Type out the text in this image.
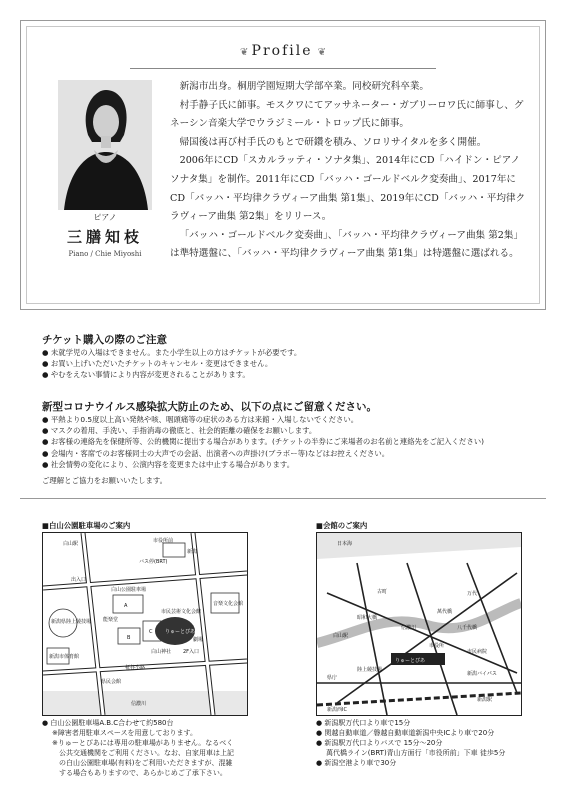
❦ Profile ❦
ピアノ
三膳知枝
Piano / Chie Miyoshi

新潟市出身。桐朋学園短期大学部卒業。同校研究科卒業。

村手静子氏に師事。モスクワにてアッサネーター・ガブリーロワ氏に師事し、グネーシン音楽大学でウラジミール・トロップ氏に師事。

帰国後は再び村手氏のもとで研鑽を積み、ソロリサイタルを多く開催。

2006年にCD「スカルラッティ・ソナタ集」、2014年にCD「ハイドン・ピアノソナタ集」を制作。2011年にCD「バッハ・ゴールドベルク変奏曲」、2017年にCD「バッハ・平均律クラヴィーア曲集 第1集」、2019年にCD「バッハ・平均律クラヴィーア曲集 第2集」をリリース。

「バッハ・ゴールドベルク変奏曲」、「バッハ・平均律クラヴィーア曲集 第2集」は準特選盤に、「バッハ・平均律クラヴィーア曲集 第1集」は特選盤に選ばれる。

チケット購入の際のご注意
● 未就学児の入場はできません。また小学生以上の方はチケットが必要です。
● お買い上げいただいたチケットのキャンセル・変更はできません。
● やむをえない事情により内容が変更されることがあります。
新型コロナウイルス感染拡大防止のため、以下の点にご留意ください。
● 平熱より0.5度以上高い発熱や咳、咽頭痛等の症状のある方は来館・入場しないでください。
● マスクの着用、手洗い、手指消毒の徹底と、社会的距離の確保をお願いします。
● お客様の連絡先を保健所等、公的機関に提出する場合があります。(チケットの半券にご来場者のお名前と連絡先をご記入ください)
● 会場内・客席でのお客様同士の大声での会話、出演者への声掛け(ブラボー等)などはお控えください。
● 社会情勢の変化により、公演内容を変更または中止する場合があります。
ご理解とご協力をお願いいたします。
■白山公園駐車場のご案内
市役所前
バス停(BRT)
新潟
出入口
白山公園駐車場
A
B
C	りゅーとぴあ
市民芸術文化会館
新潟県陸上競技場
新潟市体育館
2F入口
白山神社
柾谷小路
信濃川
音楽文化会館
劇場
県民会館
能楽堂
白山駅
● 白山公園駐車場A.B.C合わせて約580台
※障害者用駐車スペースを用意しております。
※りゅーとぴあには専用の駐車場がありません。なるべく
　公共交通機関をご利用ください。なお、自家用車は上記
　の白山公園駐車場(有料)をご利用いただきますが、混雑
　する場合もありますので、あらかじめご了承下さい。
■会館のご案内
日本海
信濃川
りゅーとぴあ
新潟駅
白山駅
万代
古町
県庁
新潟西IC
市役所
萬代橋
八千代橋
昭和大橋
新潟バイパス
市民病院
陸上競技場
● 新潟駅万代口より車で15分
● 関越自動車道／磐越自動車道新潟中央ICより車で20分
● 新潟駅万代口よりバスで 15分～20分
萬代橋ライン(BRT)青山方面行「市役所前」下車 徒歩5分
● 新潟空港より車で30分
